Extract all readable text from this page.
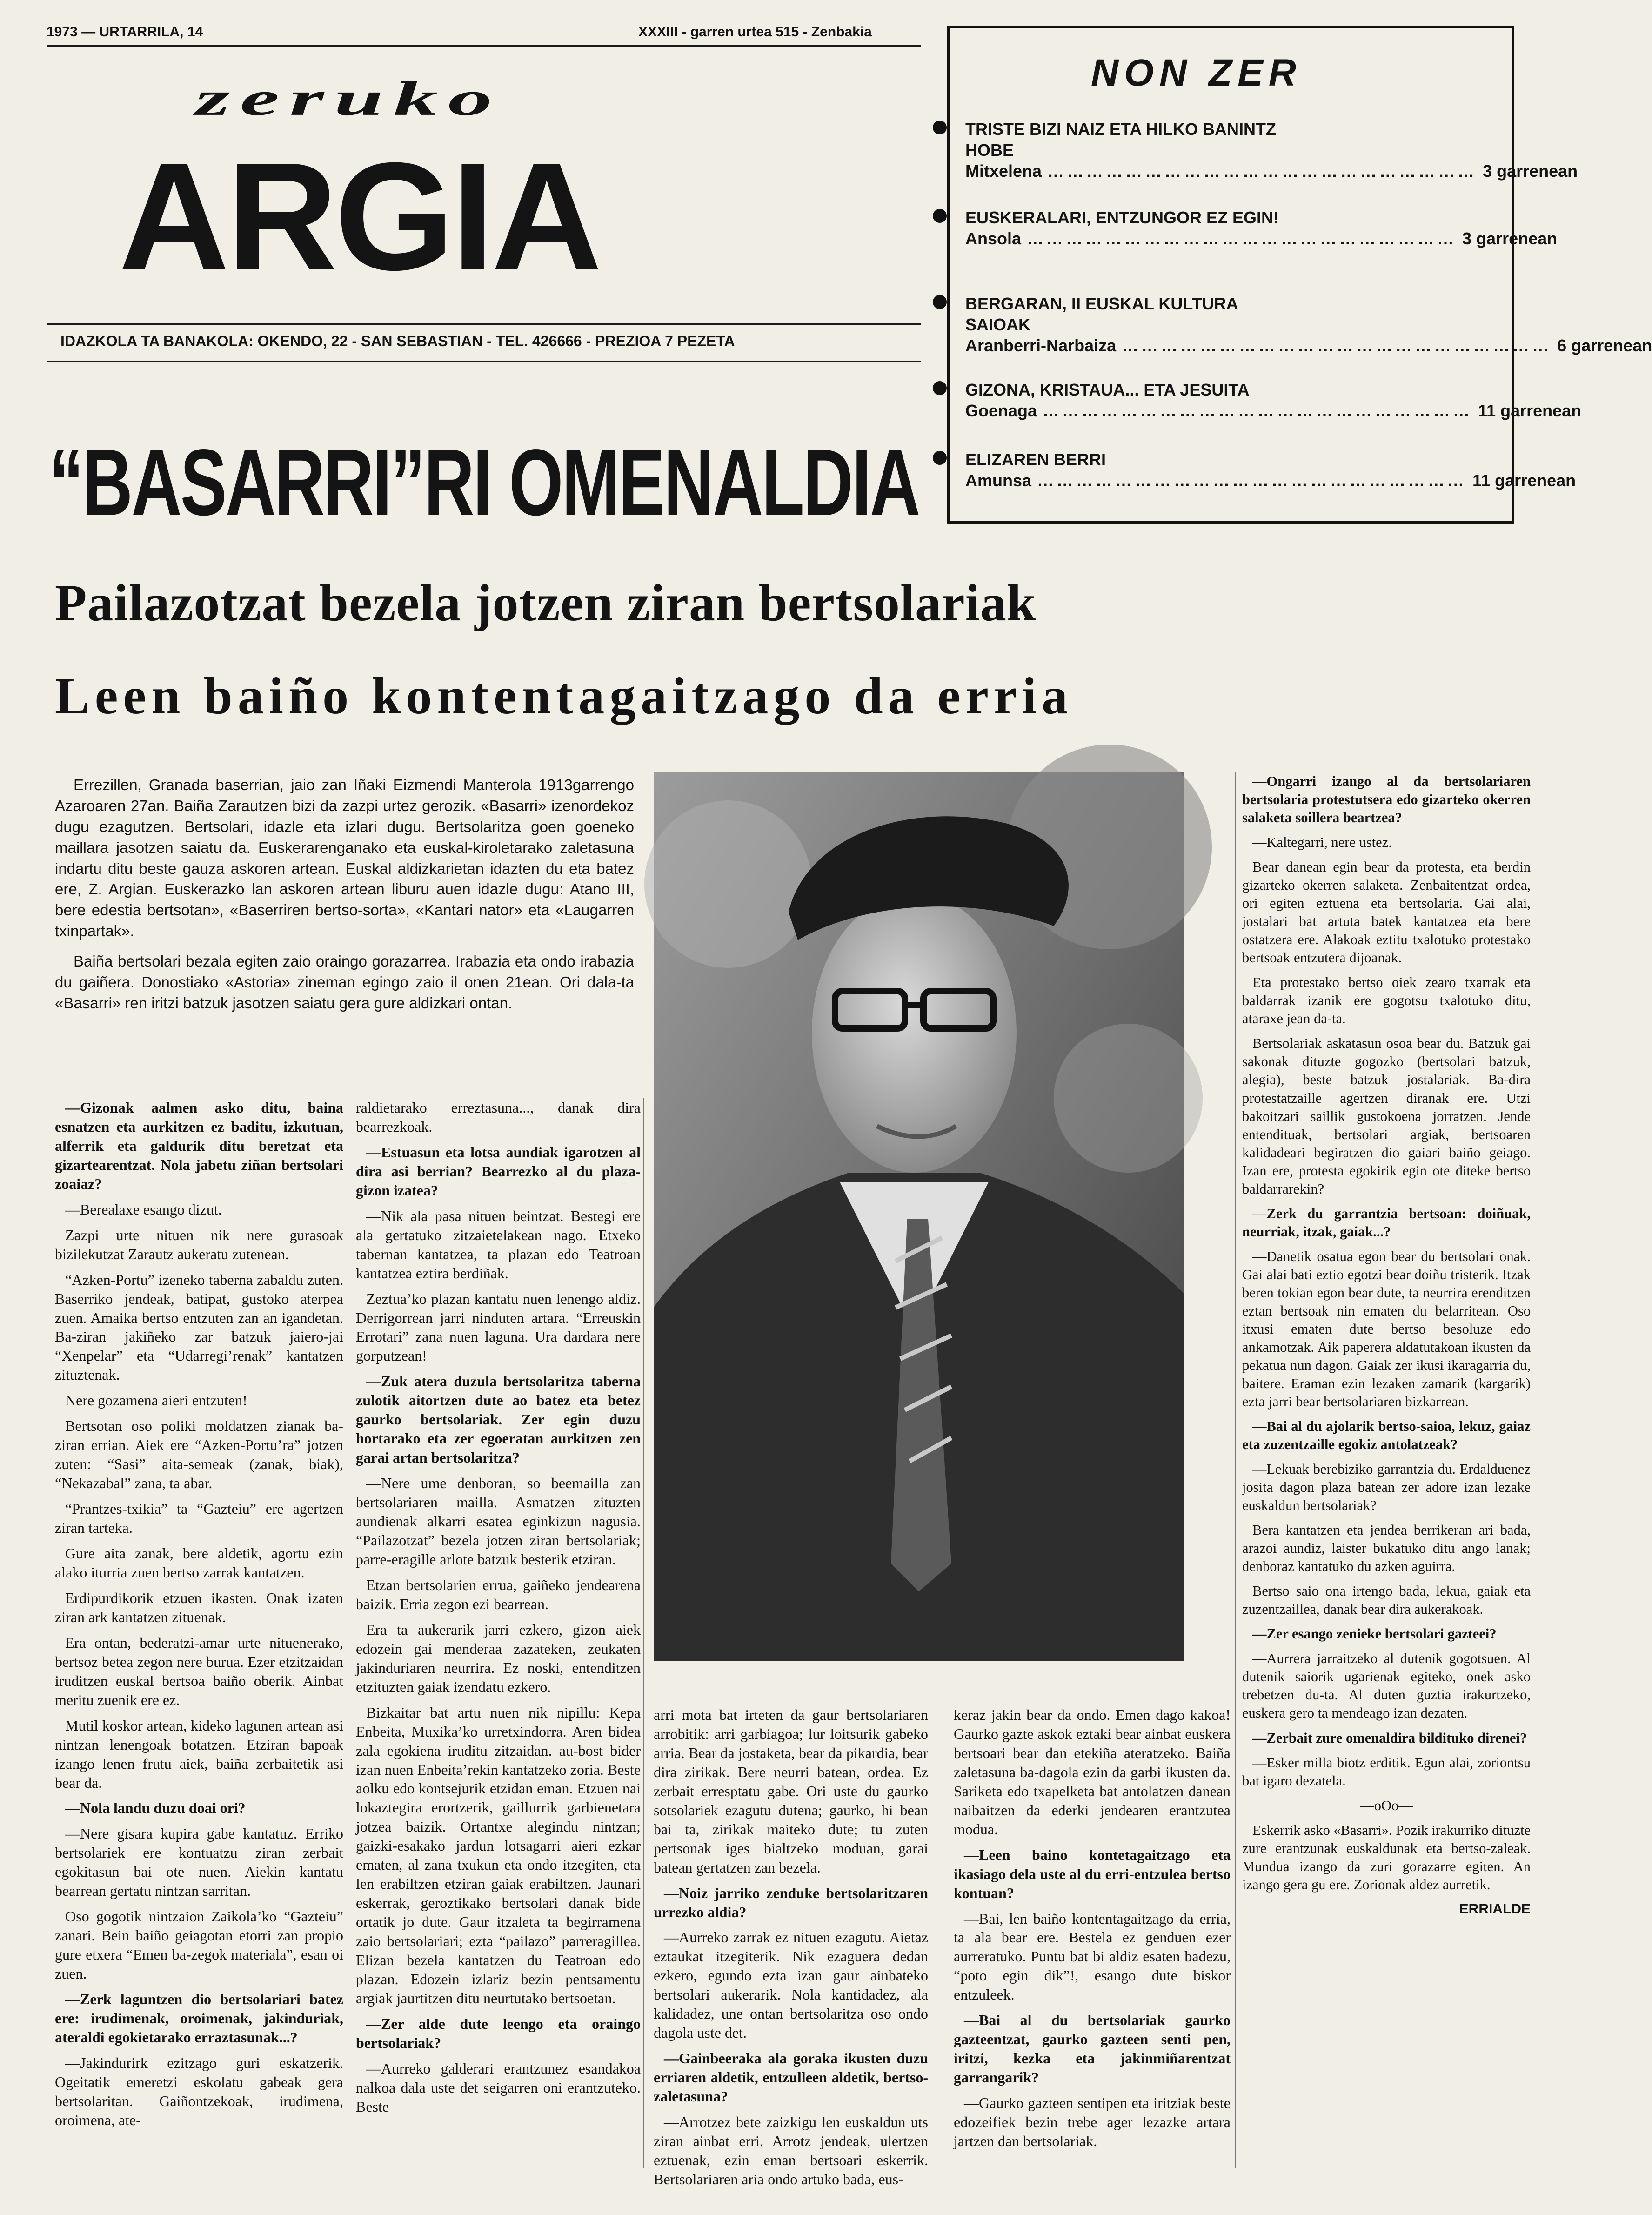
1973 — URTARRILA, 14	XXXIII - garren urtea 515 - Zenbakia
zeruko
ARGIA
IDAZKOLA TA BANAKOLA: OKENDO, 22 - SAN SEBASTIAN - TEL. 426666 - PREZIOA 7 PEZETA
NON ZER
TRISTE BIZI NAIZ ETA HILKO BANINTZ HOBE
Mitxelena ………………………………………………………… 3 garrenean
EUSKERALARI, ENTZUNGOR EZ EGIN!
Ansola ………………………………………………………… 3 garrenean
BERGARAN, II EUSKAL KULTURA SAIOAK
Aranberri-Narbaiza ………………………………………………………… 6 garrenean
GIZONA, KRISTAUA... ETA JESUITA
Goenaga ………………………………………………………… 11 garrenean
ELIZAREN BERRI
Amunsa ………………………………………………………… 11 garrenean
“BASARRI”RI OMENALDIA
Pailazotzat bezela jotzen ziran bertsolariak
Leen baiño kontentagaitzago da erria

Errezillen, Granada baserrian, jaio zan Iñaki Eizmendi Manterola 1913garrengo Azaroaren 27an. Baiña Zarautzen bizi da zazpi urtez gerozik. «Basarri» izenordekoz dugu ezagutzen. Bertsolari, idazle eta izlari dugu. Bertsolaritza goen goeneko maillara jasotzen saiatu da. Euskerarenganako eta euskal-kiroletarako zaletasuna indartu ditu beste gauza askoren artean. Euskal aldizkarietan idazten du eta batez ere, Z. Argian. Euskerazko lan askoren artean liburu auen idazle dugu: Atano III, bere edestia bertsotan», «Baserriren bertso-sorta», «Kantari nator» eta «Laugarren txinpartak».

Baiña bertsolari bezala egiten zaio oraingo gorazarrea. Irabazia eta ondo irabazia du gaiñera. Donostiako «Astoria» zineman egingo zaio il onen 21ean. Ori dala-ta «Basarri» ren iritzi batzuk jasotzen saiatu gera gure aldizkari ontan.

—Gizonak aalmen asko ditu, baina esnatzen eta aurkitzen ez baditu, izkutuan, alferrik eta galdurik ditu beretzat eta gizartearentzat. Nola jabetu ziñan bertsolari zoaiaz?

—Berealaxe esango dizut.

Zazpi urte nituen nik nere gurasoak bizilekutzat Zarautz aukeratu zutenean.

“Azken-Portu” izeneko taberna zabaldu zuten. Baserriko jendeak, batipat, gustoko aterpea zuen. Amaika bertso entzuten zan an igandetan. Ba-ziran jakiñeko zar batzuk jaiero-jai “Xenpelar” eta “Udarregi’renak” kantatzen zituztenak.

Nere gozamena aieri entzuten!

Bertsotan oso poliki moldatzen zianak ba-ziran errian. Aiek ere “Azken-Portu’ra” jotzen zuten: “Sasi” aita-semeak (zanak, biak), “Nekazabal” zana, ta abar.

“Prantzes-txikia” ta “Gazteiu” ere agertzen ziran tarteka.

Gure aita zanak, bere aldetik, agortu ezin alako iturria zuen bertso zarrak kantatzen.

Erdipurdikorik etzuen ikasten. Onak izaten ziran ark kantatzen zituenak.

Era ontan, bederatzi-amar urte nituenerako, bertsoz betea zegon nere burua. Ezer etzitzaidan iruditzen euskal bertsoa baiño oberik. Ainbat meritu zuenik ere ez.

Mutil koskor artean, kideko lagunen artean asi nintzan lenengoak botatzen. Etziran bapoak izango lenen frutu aiek, baiña zerbaitetik asi bear da.

—Nola landu duzu doai ori?

—Nere gisara kupira gabe kantatuz. Erriko bertsolariek ere kontuatzu ziran zerbait egokitasun bai ote nuen. Aiekin kantatu bearrean gertatu nintzan sarritan.

Oso gogotik nintzaion Zaikola’ko “Gazteiu” zanari. Bein baiño geiagotan etorri zan propio gure etxera “Emen ba-zegok materiala”, esan oi zuen.

—Zerk laguntzen dio bertsolariari batez ere: irudimenak, oroimenak, jakinduriak, ateraldi egokietarako erraztasunak...?

—Jakindurirk ezitzago guri eskatzerik. Ogeitatik emeretzi eskolatu gabeak gera bertsolaritan. Gaiñontzekoak, irudimena, oroimena, ate-

raldietarako erreztasuna..., danak dira bearrezkoak.

—Estuasun eta lotsa aundiak igarotzen al dira asi berrian? Bearrezko al du plaza-gizon izatea?

—Nik ala pasa nituen beintzat. Bestegi ere ala gertatuko zitzaietelakean nago. Etxeko tabernan kantatzea, ta plazan edo Teatroan kantatzea eztira berdiñak.

Zeztua’ko plazan kantatu nuen lenengo aldiz. Derrigorrean jarri ninduten artara. “Erreuskin Errotari” zana nuen laguna. Ura dardara nere gorputzean!

—Zuk atera duzula bertsolaritza taberna zulotik aitortzen dute ao batez eta betez gaurko bertsolariak. Zer egin duzu hortarako eta zer egoeratan aurkitzen zen garai artan bertsolaritza?

—Nere ume denboran, so beemailla zan bertsolariaren mailla. Asmatzen zituzten aundienak alkarri esatea eginkizun nagusia. “Pailazotzat” bezela jotzen ziran bertsolariak; parre-eragille arlote batzuk besterik etziran.

Etzan bertsolarien errua, gaiñeko jendearena baizik. Erria zegon ezi bearrean.

Era ta aukerarik jarri ezkero, gizon aiek edozein gai menderaa zazateken, zeukaten jakinduriaren neurrira. Ez noski, entenditzen etzituzten gaiak izendatu ezkero.

Bizkaitar bat artu nuen nik nipillu: Kepa Enbeita, Muxika’ko urretxindorra. Aren bidea zala egokiena iruditu zitzaidan. au-bost bider izan nuen Enbeita’rekin kantatzeko zoria. Beste aolku edo kontsejurik etzidan eman. Etzuen nai lokaztegira erortzerik, gaillurrik garbienetara jotzea baizik. Ortantxe alegindu nintzan; gaizki-esakako jardun lotsagarri aieri ezkar ematen, al zana txukun eta ondo itzegiten, eta len erabiltzen etziran gaiak erabiltzen. Jaunari eskerrak, geroztikako bertsolari danak bide ortatik jo dute. Gaur itzaleta ta begirramena zaio bertsolariari; ezta “pailazo” parreragillea. Elizan bezela kantatzen du Teatroan edo plazan. Edozein izlariz bezin pentsamentu argiak jaurtitzen ditu neurtutako bertsoetan.

—Zer alde dute leengo eta oraingo bertsolariak?

—Aurreko galderari erantzunez esandakoa nalkoa dala uste det seigarren oni erantzuteko. Beste

arri mota bat irteten da gaur bertsolariaren arrobitik: arri garbiagoa; lur loitsurik gabeko arria. Bear da jostaketa, bear da pikardia, bear dira zirikak. Bere neurri batean, ordea. Ez zerbait erresptatu gabe. Ori uste du gaurko sotsolariek ezagutu dutena; gaurko, hi bean bai ta, zirikak maiteko dute; tu zuten pertsonak iges bialtzeko moduan, garai batean gertatzen zan bezela.

—Noiz jarriko zenduke bertsolaritzaren urrezko aldia?

—Aurreko zarrak ez nituen ezagutu. Aietaz eztaukat itzegiterik. Nik ezaguera dedan ezkero, egundo ezta izan gaur ainbateko bertsolari aukerarik. Nola kantidadez, ala kalidadez, une ontan bertsolaritza oso ondo dagola uste det.

—Gainbeeraka ala goraka ikusten duzu erriaren aldetik, entzulleen aldetik, bertso-zaletasuna?

—Arrotzez bete zaizkigu len euskaldun uts ziran ainbat erri. Arrotz jendeak, ulertzen eztuenak, ezin eman bertsoari eskerrik. Bertsolariaren aria ondo artuko bada, eus-

keraz jakin bear da ondo. Emen dago kakoa! Gaurko gazte askok eztaki bear ainbat euskera bertsoari bear dan etekiña ateratzeko. Baiña zaletasuna ba-dagola ezin da garbi ikusten da. Sariketa edo txapelketa bat antolatzen danean naibaitzen da ederki jendearen erantzutea modua.

—Leen baino kontetagaitzago eta ikasiago dela uste al du erri-entzulea bertso kontuan?

—Bai, len baiño kontentagaitzago da erria, ta ala bear ere. Bestela ez genduen ezer aurreratuko. Puntu bat bi aldiz esaten badezu, “poto egin dik”!, esango dute biskor entzuleek.

—Bai al du bertsolariak gaurko gazteentzat, gaurko gazteen senti pen, iritzi, kezka eta jakinmiñarentzat garrangarik?

—Gaurko gazteen sentipen eta iritziak beste edozeifiek bezin trebe ager lezazke artara jartzen dan bertsolariak.

—Ongarri izango al da bertsolariaren bertsolaria protestutsera edo gizarteko okerren salaketa soillera beartzea?

—Kaltegarri, nere ustez.

Bear danean egin bear da protesta, eta berdin gizarteko okerren salaketa. Zenbaitentzat ordea, ori egiten eztuena eta bertsolaria. Gai alai, jostalari bat artuta batek kantatzea eta bere ostatzera ere. Alakoak eztitu txalotuko protestako bertsoak entzutera dijoanak.

Eta protestako bertso oiek zearo txarrak eta baldarrak izanik ere gogotsu txalotuko ditu, ataraxe jean da-ta.

Bertsolariak askatasun osoa bear du. Batzuk gai sakonak dituzte gogozko (bertsolari batzuk, alegia), beste batzuk jostalariak. Ba-dira protestatzaille agertzen diranak ere. Utzi bakoitzari saillik gustokoena jorratzen. Jende entendituak, bertsolari argiak, bertsoaren kalidadeari begiratzen dio gaiari baiño geiago. Izan ere, protesta egokirik egin ote diteke bertso baldarrarekin?

—Zerk du garrantzia bertsoan: doiñuak, neurriak, itzak, gaiak...?

—Danetik osatua egon bear du bertsolari onak. Gai alai bati eztio egotzi bear doiñu tristerik. Itzak beren tokian egon bear dute, ta neurrira erenditzen eztan bertsoak nin ematen du belarritean. Oso itxusi ematen dute bertso besoluze edo ankamotzak. Aik paperera aldatutakoan ikusten da pekatua nun dagon. Gaiak zer ikusi ikaragarria du, baitere. Eraman ezin lezaken zamarik (kargarik) ezta jarri bear bertsolariaren bizkarrean.

—Bai al du ajolarik bertso-saioa, lekuz, gaiaz eta zuzentzaille egokiz antolatzeak?

—Lekuak berebiziko garrantzia du. Erdalduenez josita dagon plaza batean zer adore izan lezake euskaldun bertsolariak?

Bera kantatzen eta jendea berrikeran ari bada, arazoi aundiz, laister bukatuko ditu ango lanak; denboraz kantatuko du azken aguirra.

Bertso saio ona irtengo bada, lekua, gaiak eta zuzentzaillea, danak bear dira aukerakoak.

—Zer esango zenieke bertsolari gazteei?

—Aurrera jarraitzeko al dutenik gogotsuen. Al dutenik saiorik ugarienak egiteko, onek asko trebetzen du-ta. Al duten guztia irakurtzeko, euskera gero ta mendeago izan dezaten.

—Zerbait zure omenaldira bildituko direnei?

—Esker milla biotz erditik. Egun alai, zoriontsu bat igaro dezatela.

—oOo—

Eskerrik asko «Basarri». Pozik irakurriko dituzte zure erantzunak euskaldunak eta bertso-zaleak. Mundua izango da zuri gorazarre egiten. An izango gera gu ere. Zorionak aldez aurretik.

ERRIALDE
